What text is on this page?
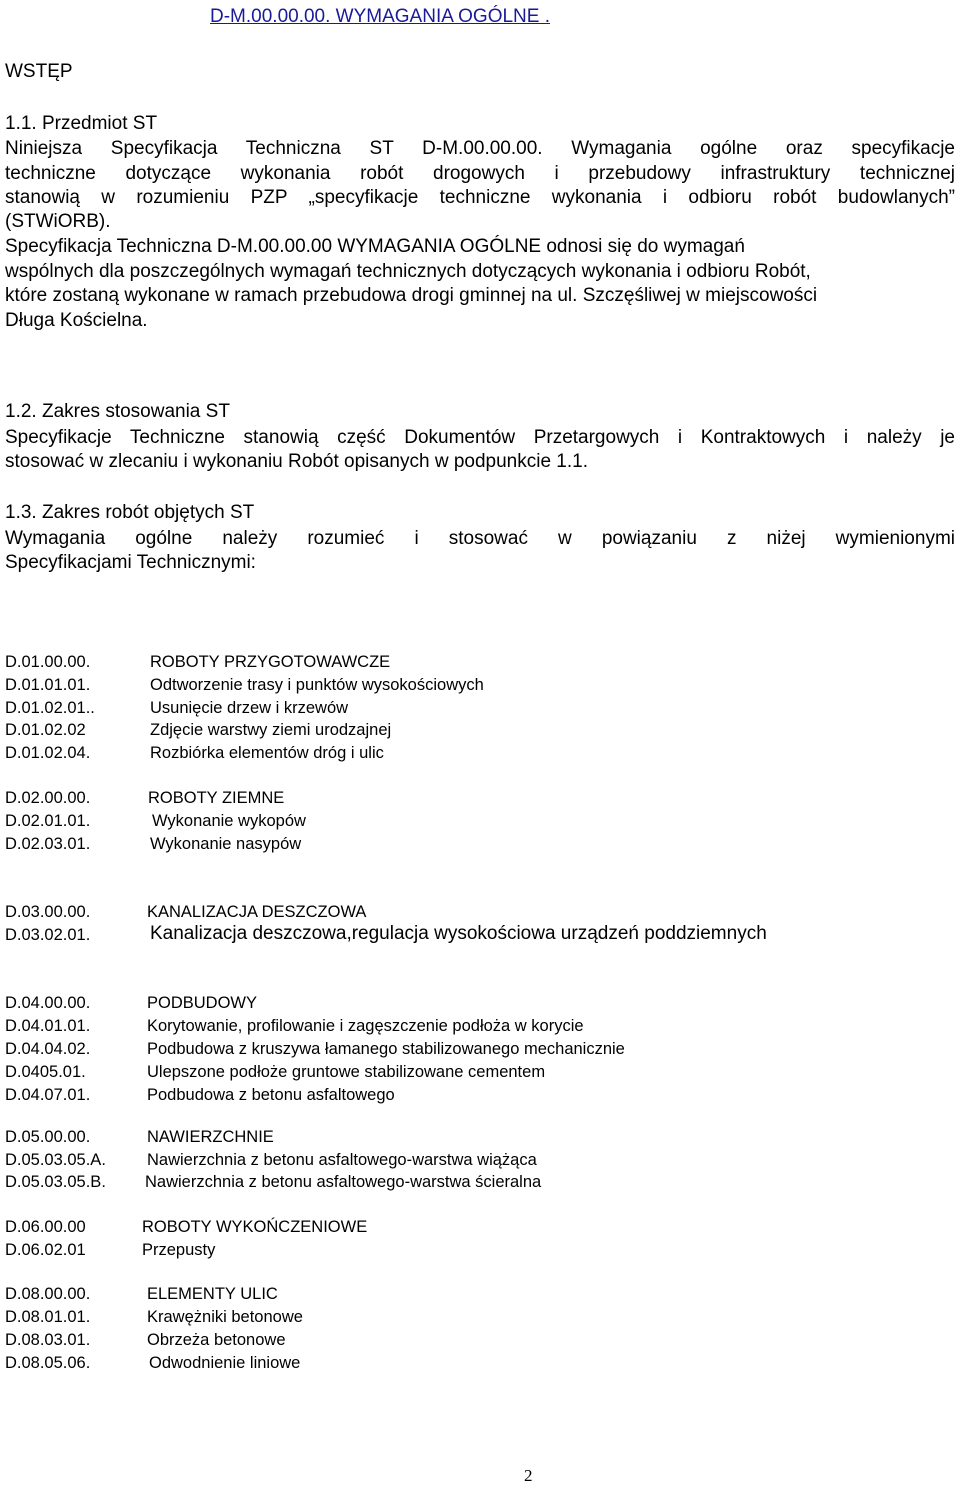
D-M.00.00.00. WYMAGANIA OGÓLNE .
WSTĘP
1.1. Przedmiot ST
Niniejsza Specyfikacja Techniczna ST D-M.00.00.00. Wymagania ogólne oraz specyfikacje
techniczne dotyczące wykonania robót drogowych i przebudowy infrastruktury technicznej
stanowią w rozumieniu PZP „specyfikacje techniczne wykonania i odbioru robót budowlanych”
(STWiORB).
Specyfikacja Techniczna D-M.00.00.00 WYMAGANIA OGÓLNE odnosi się do wymagań
wspólnych dla poszczególnych wymagań technicznych dotyczących wykonania i odbioru Robót,
które zostaną wykonane w ramach przebudowa drogi gminnej na ul. Szczęśliwej w miejscowości
Długa Kościelna.
1.2. Zakres stosowania ST
Specyfikacje Techniczne stanowią część Dokumentów Przetargowych i Kontraktowych i należy je
stosować w zlecaniu i wykonaniu Robót opisanych w podpunkcie 1.1.
1.3. Zakres robót objętych ST
Wymagania ogólne należy rozumieć i stosować w powiązaniu z niżej wymienionymi
Specyfikacjami Technicznymi:
D.01.00.00.	ROBOTY PRZYGOTOWAWCZE
D.01.01.01.	Odtworzenie trasy i punktów wysokościowych
D.01.02.01..	Usunięcie drzew i krzewów
D.01.02.02	Zdjęcie warstwy ziemi urodzajnej
D.01.02.04.	Rozbiórka elementów dróg i ulic
D.02.00.00.	ROBOTY ZIEMNE
D.02.01.01.	Wykonanie wykopów
D.02.03.01.	Wykonanie nasypów
D.03.00.00.	KANALIZACJA DESZCZOWA
D.03.02.01.	Kanalizacja deszczowa,regulacja wysokościowa urządzeń poddziemnych
D.04.00.00.	PODBUDOWY
D.04.01.01.	Korytowanie, profilowanie i zagęszczenie podłoża w korycie
D.04.04.02.	Podbudowa z kruszywa łamanego stabilizowanego mechanicznie
D.0405.01.	Ulepszone podłoże gruntowe stabilizowane cementem
D.04.07.01.	Podbudowa z betonu asfaltowego
D.05.00.00.	NAWIERZCHNIE
D.05.03.05.A. Nawierzchnia z betonu asfaltowego-warstwa wiążąca
D.05.03.05.B. Nawierzchnia z betonu asfaltowego-warstwa ścieralna
D.06.00.00	ROBOTY WYKOŃCZENIOWE
D.06.02.01	Przepusty
D.08.00.00.	ELEMENTY ULIC
D.08.01.01.	Krawężniki betonowe
D.08.03.01.	Obrzeża betonowe
D.08.05.06.	Odwodnienie liniowe
2
